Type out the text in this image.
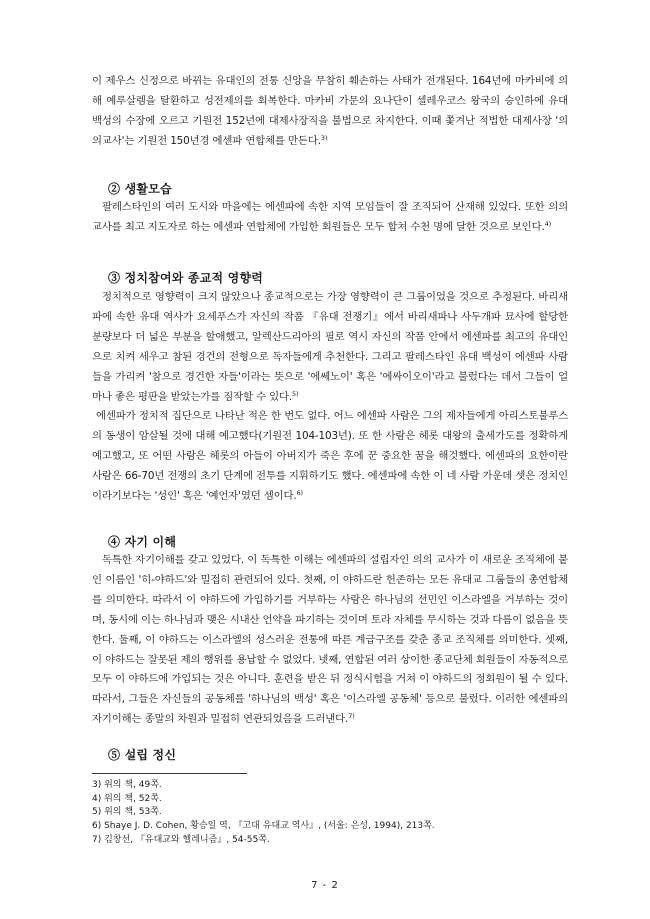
이 제우스 신정으로 바뀌는 유대인의 전통 신앙을 무참히 훼손하는 사태가 전개된다. 164년에 마카비에 의해 예루살렘을 탈환하고 성전제의를 회복한다. 마카비 가문의 요나단이 셀레우코스 왕국의 승인하에 유대 백성의 수장에 오르고 기원전 152년에 대제사장직을 불법으로 차지한다. 이때 쫓겨난 적법한 대제사장 '의의교사'는 기원전 150년경 에센파 연합체를 만든다.$^{3)}$

② 생활모습

팔레스타인의 여러 도시와 마을에는 에센파에 속한 지역 모임들이 잘 조직되어 산재해 있었다. 또한 의의 교사를 최고 지도자로 하는 에센파 연합체에 가입한 회원들은 모두 합쳐 수천 명에 달한 것으로 보인다.$^{4)}$

③ 정치참여와 종교적 영향력

정치적으로 영향력이 크지 않았으나 종교적으로는 가장 영향력이 큰 그룹이었을 것으로 추정된다. 바리새파에 속한 유대 역사가 요세푸스가 자신의 작품 『유대 전쟁기』에서 바리새파나 사두개파 묘사에 할당한 분량보다 더 넓은 부분을 할애했고, 알렉산드리아의 필로 역시 자신의 작품 안에서 에센파를 최고의 유대인으로 치켜 세우고 참된 경건의 전형으로 독자들에게 추천한다. 그리고 팔레스타인 유대 백성이 에센파 사람들을 가리켜 '참으로 경건한 자들'이라는 뜻으로 '에쎄노이' 혹은 '에싸이오이'라고 불렀다는 데서 그들이 얼마나 좋은 평판을 받았는가를 짐작할 수 있다.$^{5)}$

에센파가 정치적 집단으로 나타난 적은 한 번도 없다. 어느 에센파 사람은 그의 제자들에게 아리스토불루스의 동생이 암살될 것에 대해 예고했다(기원전 104-103년). 또 한 사람은 헤롯 대왕의 출세가도를 정확하게 예고했고, 또 어떤 사람은 헤롯의 아들이 아버지가 죽은 후에 꾼 중요한 꿈을 해것했다. 에센파의 요한이란 사람은 66-70년 전쟁의 초기 단계에 전투를 지휘하기도 했다. 에센파에 속한 이 네 사람 가운데 셋은 정치인이라기보다는 '성인' 혹은 '예언자'였던 셈이다.$^{6)}$

④ 자기 이해

독특한 자기이해를 갖고 있었다. 이 독특한 이해는 에센파의 설립자인 의의 교사가 이 새로운 조직체에 붙인 이름인 '히-야하드'와 밀접히 관련되어 있다. 첫째, 이 야하드란 헌존하는 모든 유대교 그룹들의 총연합체를 의미한다. 따라서 이 야하드에 가입하기를 거부하는 사람은 하나님의 선민인 이스라엘을 거부하는 것이며, 동시에 이는 하나님과 맺은 시내산 언약을 파기하는 것이며 토라 자체를 무시하는 것과 다름이 없음을 뜻한다. 둘째, 이 야하드는 이스라엘의 성스러운 전통에 따른 계급구조를 갖춘 종교 조직체를 의미한다. 셋째, 이 야하드는 잘못된 제의 행위를 용납할 수 없었다. 넷째, 연합된 여러 상이한 종교단체 회원들이 자동적으로 모두 이 야하드에 가입되는 것은 아니다. 훈련을 받은 뒤 정식시험을 거쳐 이 야하드의 정회원이 될 수 있다. 따라서, 그들은 자신들의 공동체를 '하나님의 백성' 혹은 '이스라엘 공동체' 등으로 불렀다. 이러한 에센파의 자기이해는 종말의 차원과 밀접히 연관되었음을 드러낸다.$^{7)}$

⑤ 설립 정신
3) 위의 책, 49쪽.
4) 위의 책, 52쪽.
5) 위의 책, 53쪽.
6) Shaye J. D. Cohen, 황승일 역, 『고대 유대교 역사』, (서울: 은성, 1994), 213쪽.
7) 김창선, 『유대교와 헬레니즘』, 54-55쪽.
7 - 2
